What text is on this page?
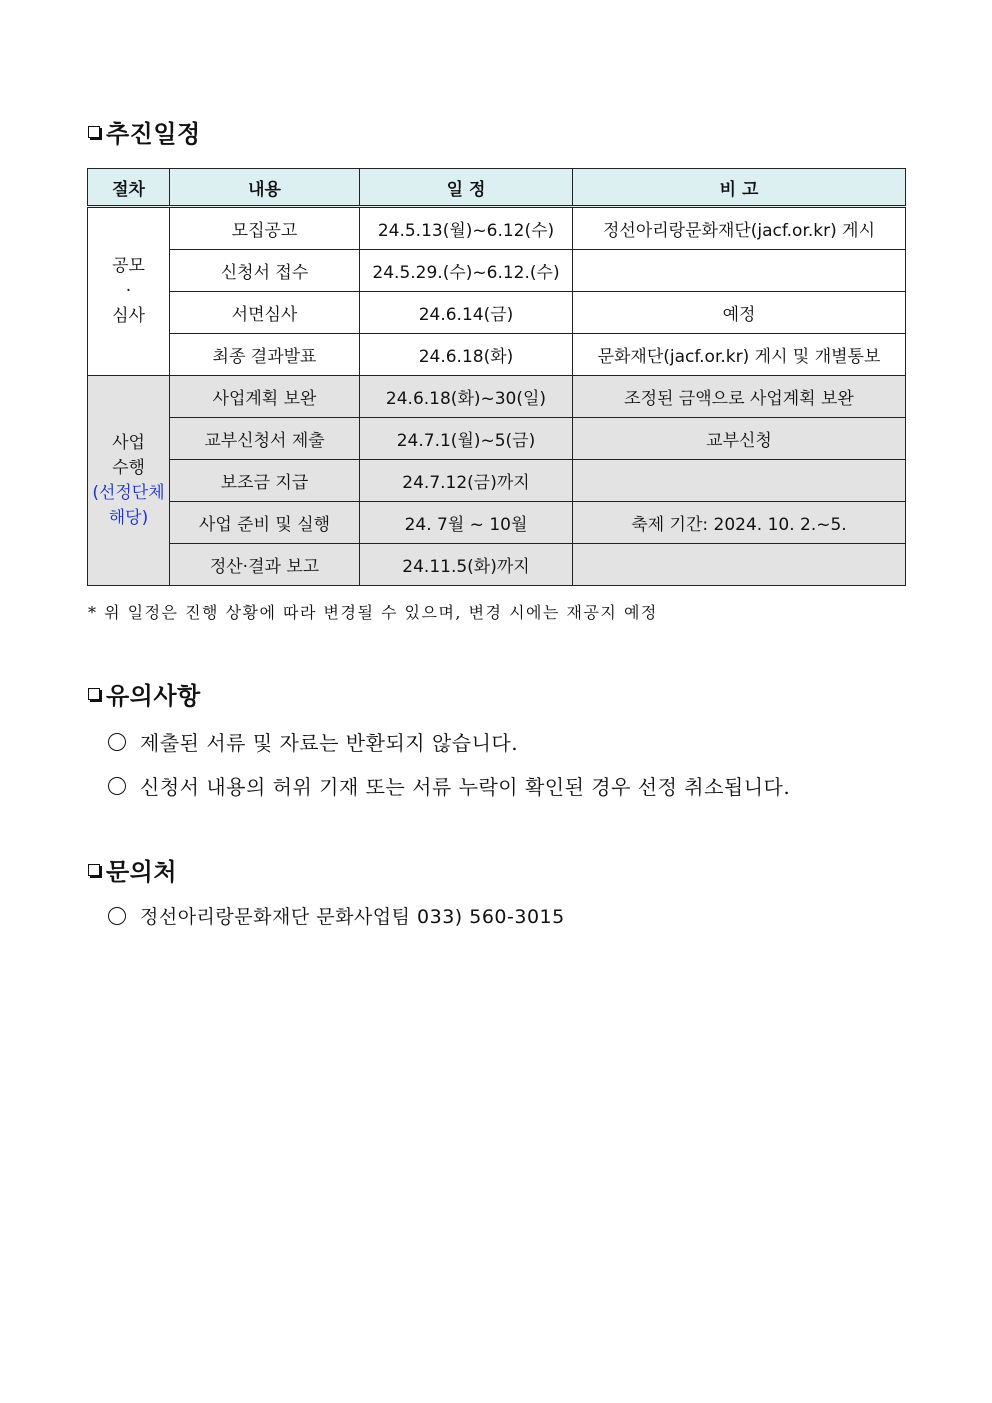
추진일정
절차	내용	일 정	비 고

공모
·
심사	모집공고	24.5.13(월)~6.12(수)	정선아리랑문화재단(jacf.or.kr) 게시
	신청서 접수	24.5.29.(수)~6.12.(수)	
	서면심사	24.6.14(금)	예정
	최종 결과발표	24.6.18(화)	문화재단(jacf.or.kr) 게시 및 개별통보

사업
수행
(선정단체
해당)	사업계획 보완	24.6.18(화)~30(일)	조정된 금액으로 사업계획 보완
	교부신청서 제출	24.7.1(월)~5(금)	교부신청
	보조금 지급	24.7.12(금)까지	
	사업 준비 및 실행	24. 7월 ~ 10월	축제 기간: 2024. 10. 2.~5.
	정산·결과 보고	24.11.5(화)까지	
* 위 일정은 진행 상황에 따라 변경될 수 있으며, 변경 시에는 재공지 예정
유의사항
제출된 서류 및 자료는 반환되지 않습니다.
신청서 내용의 허위 기재 또는 서류 누락이 확인된 경우 선정 취소됩니다.
문의처
정선아리랑문화재단 문화사업팀 033) 560-3015
